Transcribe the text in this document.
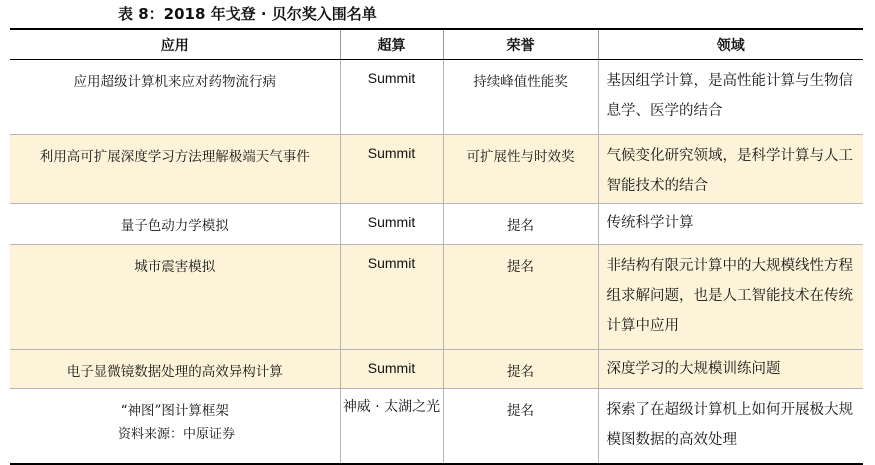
表 8：2018 年戈登 · 贝尔奖入围名单
应用	超算	荣誉	领域
应用超级计算机来应对药物流行病	Summit	持续峰值性能奖	基因组学计算，是高性能计算与生物信息学、医学的结合
利用高可扩展深度学习方法理解极端天气事件	Summit	可扩展性与时效奖	气候变化研究领域，是科学计算与人工智能技术的结合
量子色动力学模拟	Summit	提名	传统科学计算
城市震害模拟	Summit	提名	非结构有限元计算中的大规模线性方程组求解问题，也是人工智能技术在传统计算中应用
电子显微镜数据处理的高效异构计算	Summit	提名	深度学习的大规模训练问题
“神图”图计算框架	神威 · 太湖之光	提名	探索了在超级计算机上如何开展极大规模图数据的高效处理
资料来源：中原证券
